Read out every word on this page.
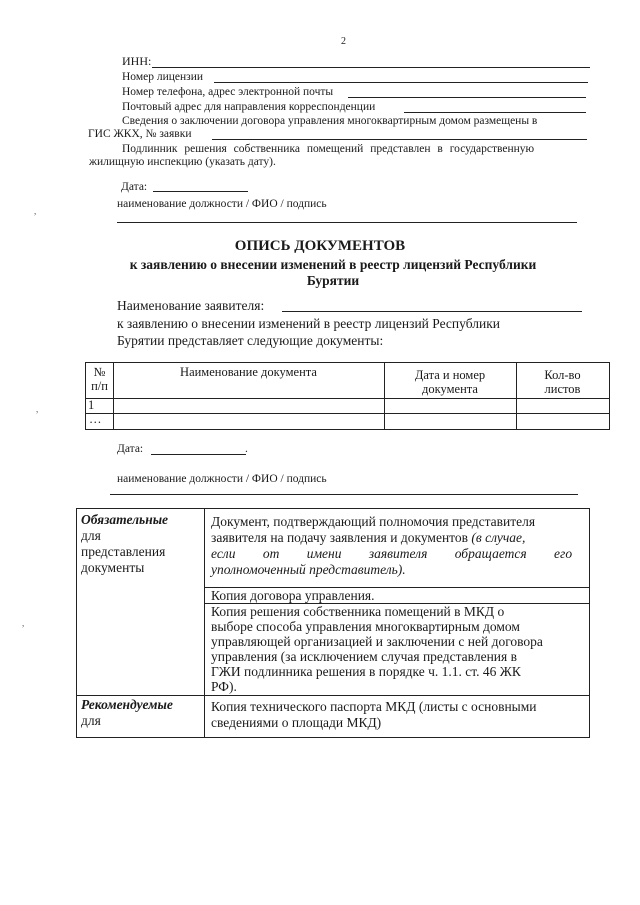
2
ИНН:
Номер лицензии
Номер телефона, адрес электронной почты
Почтовый адрес для направления корреспонденции
Сведения о заключении договора управления многоквартирным домом размещены в
ГИС ЖКХ, № заявки
Подлинник решения собственника помещений представлен в государственную
жилищную инспекцию (указать дату).
Дата:
наименование должности / ФИО / подпись
ОПИСЬ ДОКУМЕНТОВ
к заявлению о внесении изменений в реестр лицензий Республики
Бурятии
Наименование заявителя:
к заявлению о внесении изменений в реестр лицензий Республики
Бурятии представляет следующие документы:
№
п/п
Наименование документа	Дата и номер
документа
Кол-во
листов
1
…
Дата:	.
наименование должности / ФИО / подпись
Обязательные
для
представления
документы
Документ, подтверждающий полномочия представителя
заявителя на подачу заявления и документов (в случае,
если от имени заявителя обращается его
уполномоченный представитель).
Копия договора управления.
Копия решения собственника помещений в МКД о
выборе способа управления многоквартирным домом
управляющей организацией и заключении с ней договора
управления (за исключением случая представления в
ГЖИ подлинника решения в порядке ч. 1.1. ст. 46 ЖК
РФ).
Рекомендуемые
для
Копия технического паспорта МКД (листы с основными
сведениями о площади МКД)
,
,
,
